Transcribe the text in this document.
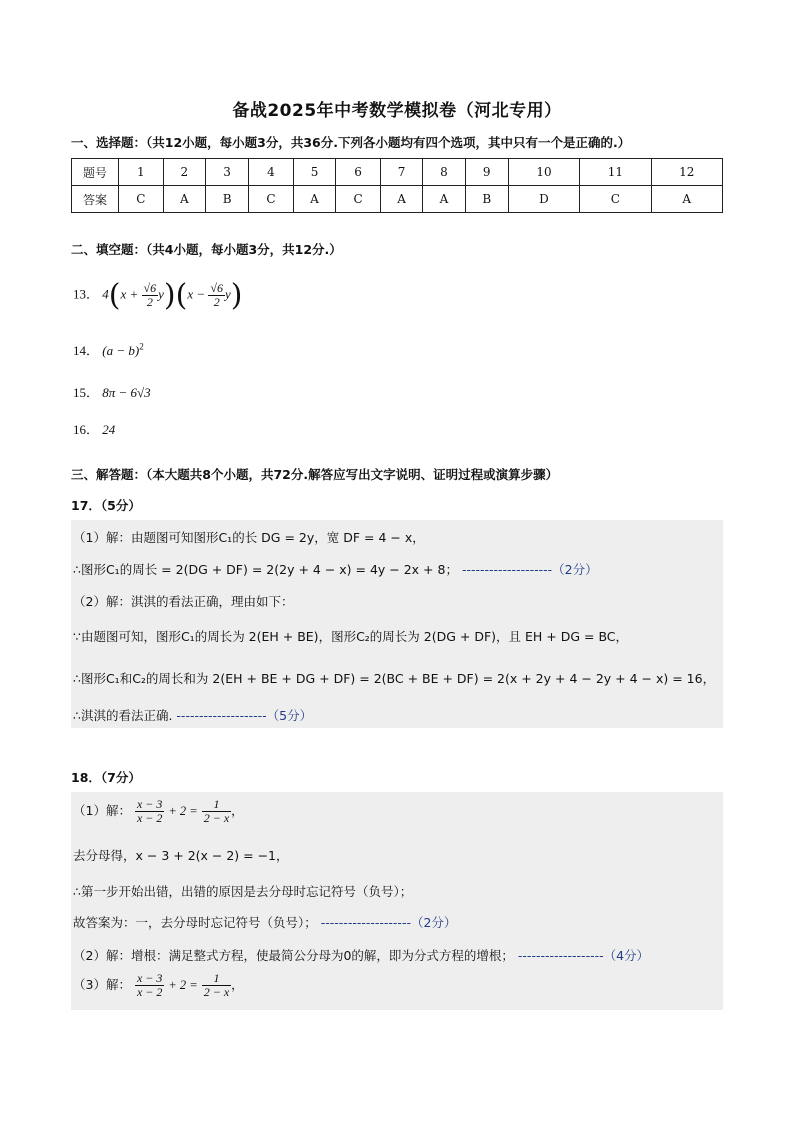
备战2025年中考数学模拟卷（河北专用）
一、选择题：（共12小题，每小题3分，共36分.下列各小题均有四个选项，其中只有一个是正确的.）
题号	1	2	3	4	5	6	7	8	9	10	11	12
答案	C	A	B	C	A	C	A	A	B	D	C	A
二、填空题：（共4小题，每小题3分，共12分.）
13． $4(x + \frac{√6}{2} y)(x - \frac{√6}{2} y)$
14． $(a - b)^2$
15． 8π − 6√3
16． 24
三、解答题：（本大题共8个小题，共72分.解答应写出文字说明、证明过程或演算步骤）
17．（5分）
（1）解：由题图可知图形C₁的长 DG = 2y，宽 DF = 4 − x，
∴图形C₁的周长 = 2(DG + DF) = 2(2y + 4 − x) = 4y − 2x + 8； --------------------（2分）
（2）解：淇淇的看法正确，理由如下：
∵由题图可知，图形C₁的周长为 2(EH + BE)，图形C₂的周长为 2(DG + DF)，且 EH + DG = BC，
∴图形C₁和C₂的周长和为 2(EH + BE + DG + DF) = 2(BC + BE + DF) = 2(x + 2y + 4 − 2y + 4 − x) = 16，
∴淇淇的看法正确. --------------------（5分）
18．（7分）
（1）解： $\frac{x - 3}{x - 2} + 2 = \frac{1}{2 - x}$ ，
去分母得，x − 3 + 2(x − 2) = −1，
∴第一步开始出错，出错的原因是去分母时忘记符号（负号）；
故答案为：一，去分母时忘记符号（负号）； --------------------（2分）
（2）解：增根：满足整式方程，使最简公分母为0的解，即为分式方程的增根； -------------------（4分）
（3）解： $\frac{x - 3}{x - 2} + 2 = \frac{1}{2 - x}$ ，
